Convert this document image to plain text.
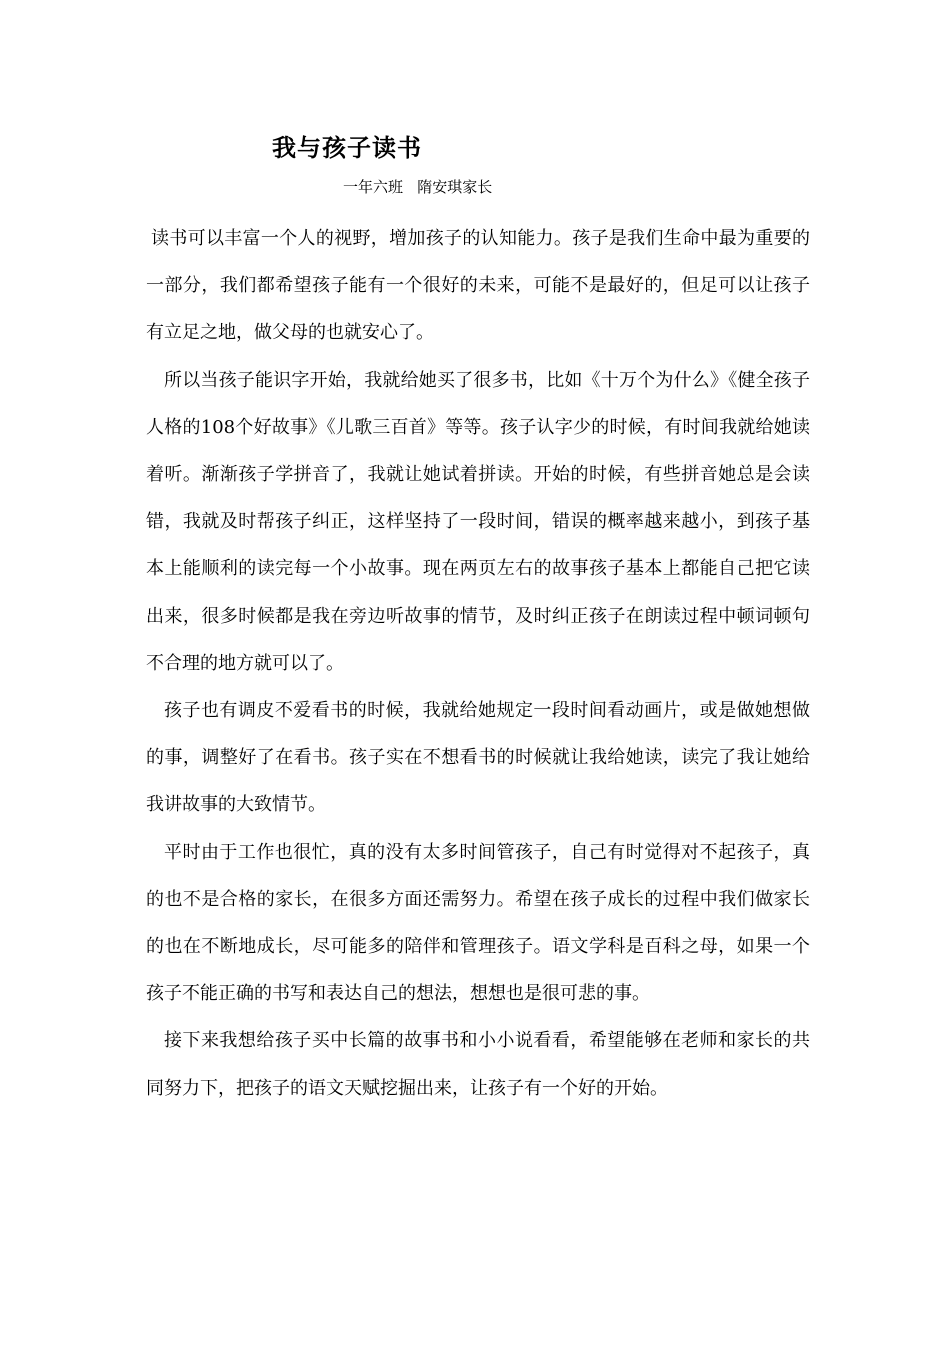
我与孩子读书
一年六班   隋安琪家长

读书可以丰富一个人的视野，增加孩子的认知能力。孩子是我们生命中最为重要的一部分，我们都希望孩子能有一个很好的未来，可能不是最好的，但足可以让孩子有立足之地，做父母的也就安心了。

所以当孩子能识字开始，我就给她买了很多书，比如《十万个为什么》《健全孩子人格的108个好故事》《儿歌三百首》等等。孩子认字少的时候，有时间我就给她读着听。渐渐孩子学拼音了，我就让她试着拼读。开始的时候，有些拼音她总是会读错，我就及时帮孩子纠正，这样坚持了一段时间，错误的概率越来越小，到孩子基本上能顺利的读完每一个小故事。现在两页左右的故事孩子基本上都能自己把它读出来，很多时候都是我在旁边听故事的情节，及时纠正孩子在朗读过程中顿词顿句不合理的地方就可以了。

孩子也有调皮不爱看书的时候，我就给她规定一段时间看动画片，或是做她想做的事，调整好了在看书。孩子实在不想看书的时候就让我给她读，读完了我让她给我讲故事的大致情节。

平时由于工作也很忙，真的没有太多时间管孩子，自己有时觉得对不起孩子，真的也不是合格的家长，在很多方面还需努力。希望在孩子成长的过程中我们做家长的也在不断地成长，尽可能多的陪伴和管理孩子。语文学科是百科之母，如果一个孩子不能正确的书写和表达自己的想法，想想也是很可悲的事。

接下来我想给孩子买中长篇的故事书和小小说看看，希望能够在老师和家长的共同努力下，把孩子的语文天赋挖掘出来，让孩子有一个好的开始。
